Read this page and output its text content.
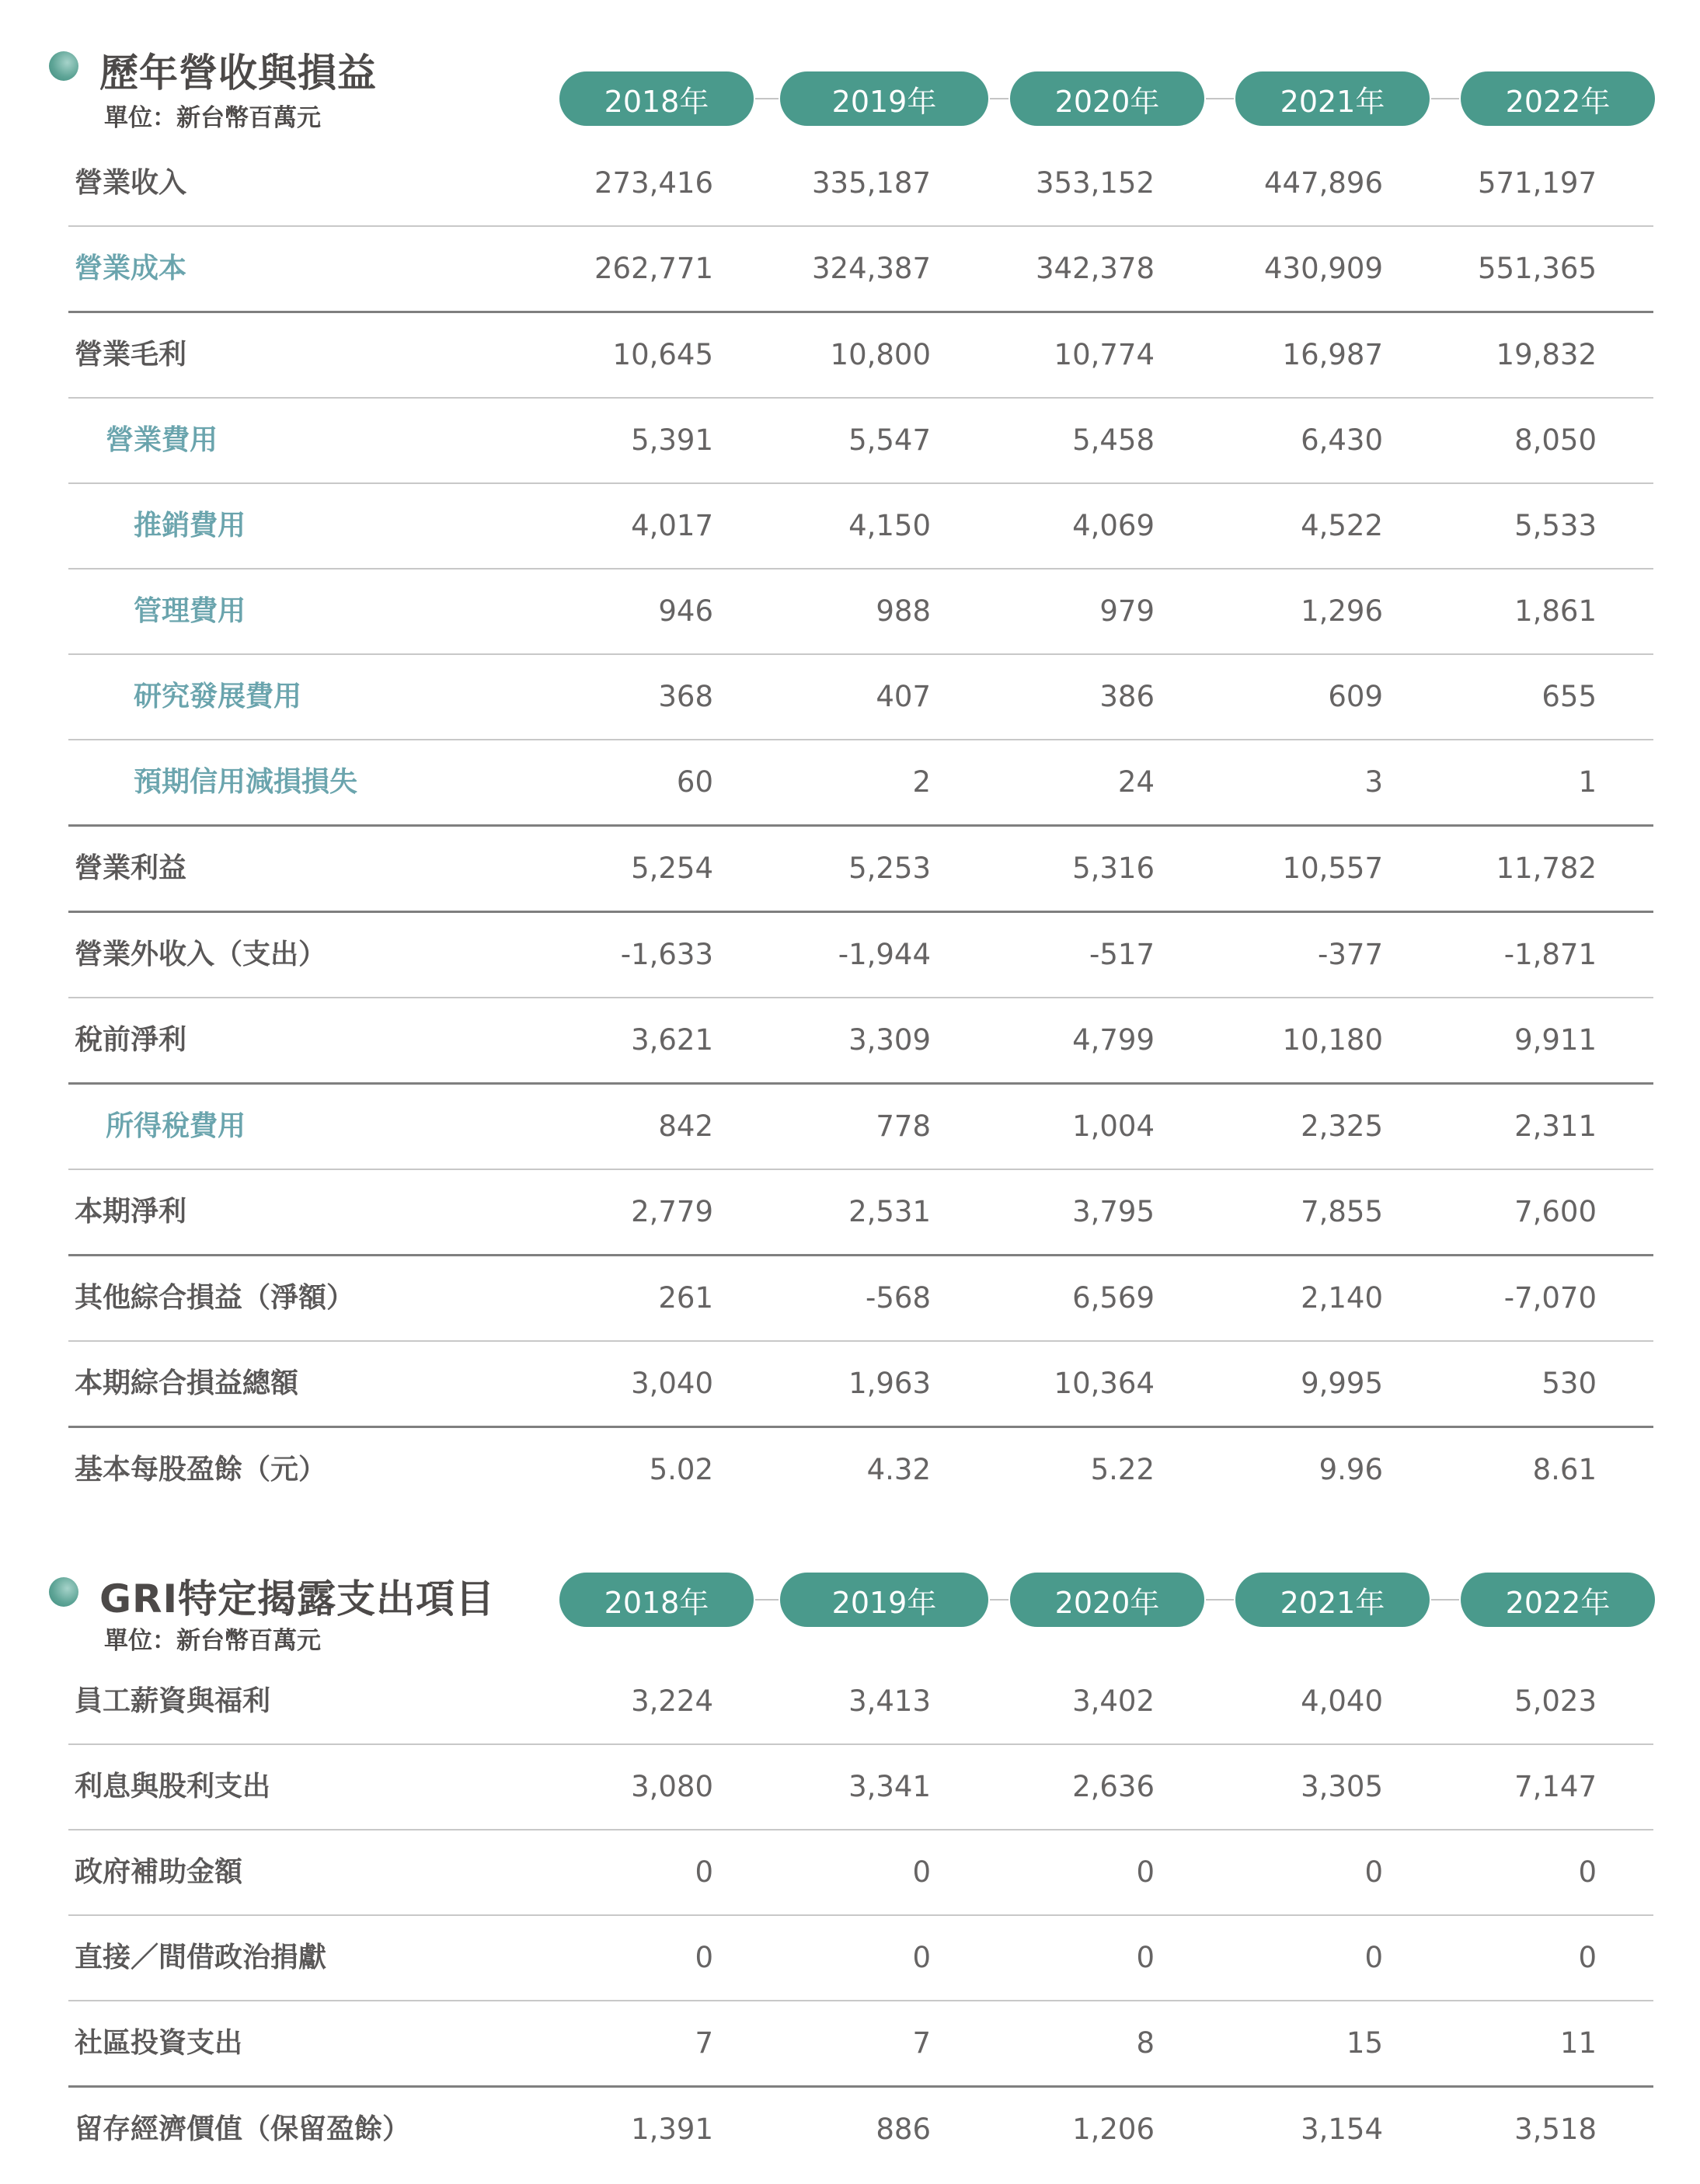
歷年營收與損益
單位：新台幣百萬元	2018年	2019年	2020年	2021年	2022年
營業收入	273,416	335,187	353,152	447,896	571,197
營業成本	262,771	324,387	342,378	430,909	551,365
營業毛利	10,645	10,800	10,774	16,987	19,832
營業費用	5,391	5,547	5,458	6,430	8,050
推銷費用	4,017	4,150	4,069	4,522	5,533
管理費用	946	988	979	1,296	1,861
研究發展費用	368	407	386	609	655
預期信用減損損失	60	2	24	3	1
營業利益	5,254	5,253	5,316	10,557	11,782
營業外收入（支出）	-1,633	-1,944	-517	-377	-1,871
稅前淨利	3,621	3,309	4,799	10,180	9,911
所得稅費用	842	778	1,004	2,325	2,311
本期淨利	2,779	2,531	3,795	7,855	7,600
其他綜合損益（淨額）	261	-568	6,569	2,140	-7,070
本期綜合損益總額	3,040	1,963	10,364	9,995	530
基本每股盈餘（元）	5.02	4.32	5.22	9.96	8.61
GRI特定揭露支出項目
單位：新台幣百萬元
2018年	2019年	2020年	2021年	2022年
員工薪資與福利	3,224	3,413	3,402	4,040	5,023
利息與股利支出	3,080	3,341	2,636	3,305	7,147
政府補助金額	0	0	0	0	0
直接／間借政治捐獻	0	0	0	0	0
社區投資支出	7	7	8	15	11
留存經濟價值（保留盈餘）	1,391	886	1,206	3,154	3,518
